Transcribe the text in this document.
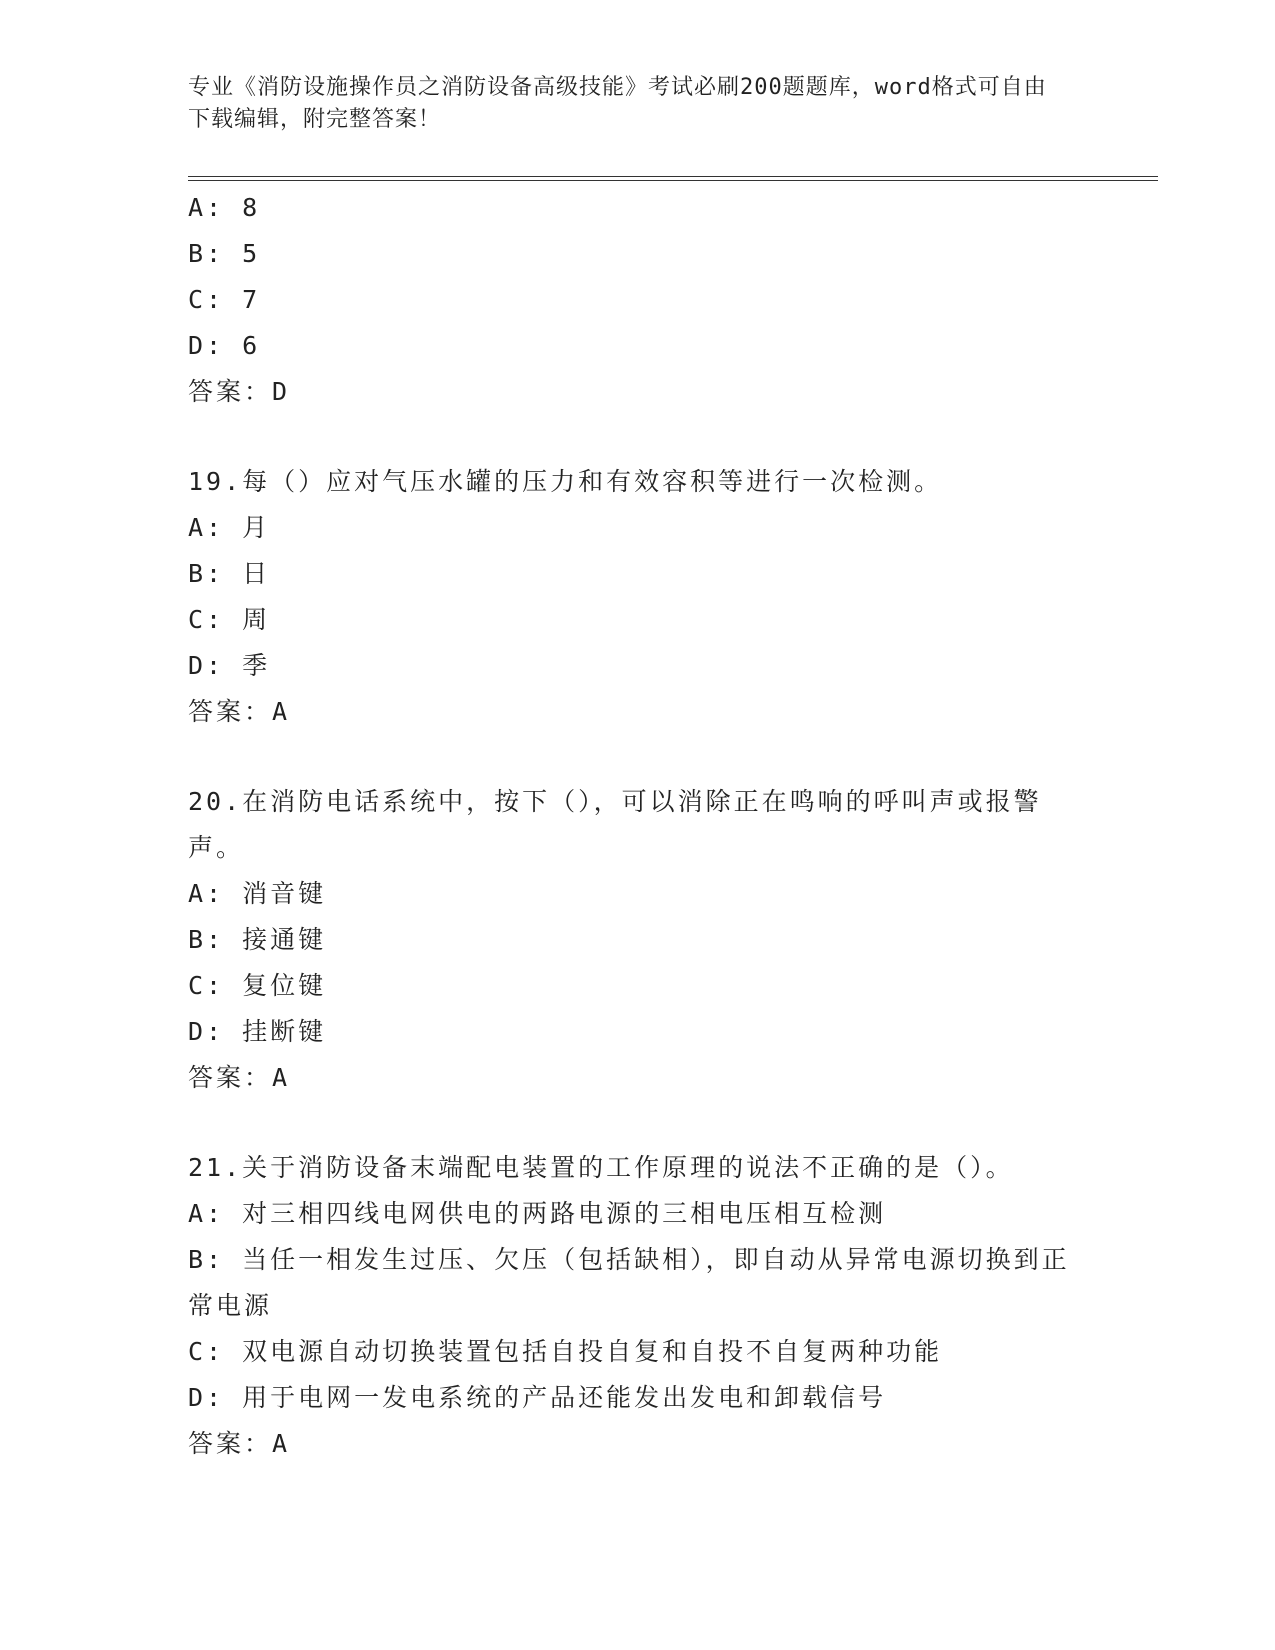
专业《消防设施操作员之消防设备高级技能》考试必刷200题题库，word格式可自由下载编辑，附完整答案！
A: 8
B: 5
C: 7
D: 6
答案：D
19.每（）应对气压水罐的压力和有效容积等进行一次检测。
A: 月
B: 日
C: 周
D: 季
答案：A
20.在消防电话系统中，按下（），可以消除正在鸣响的呼叫声或报警声。
A: 消音键
B: 接通键
C: 复位键
D: 挂断键
答案：A
21.关于消防设备末端配电装置的工作原理的说法不正确的是（）。
A: 对三相四线电网供电的两路电源的三相电压相互检测
B: 当任一相发生过压、欠压（包括缺相），即自动从异常电源切换到正常电源
C: 双电源自动切换装置包括自投自复和自投不自复两种功能
D: 用于电网一发电系统的产品还能发出发电和卸载信号
答案：A
